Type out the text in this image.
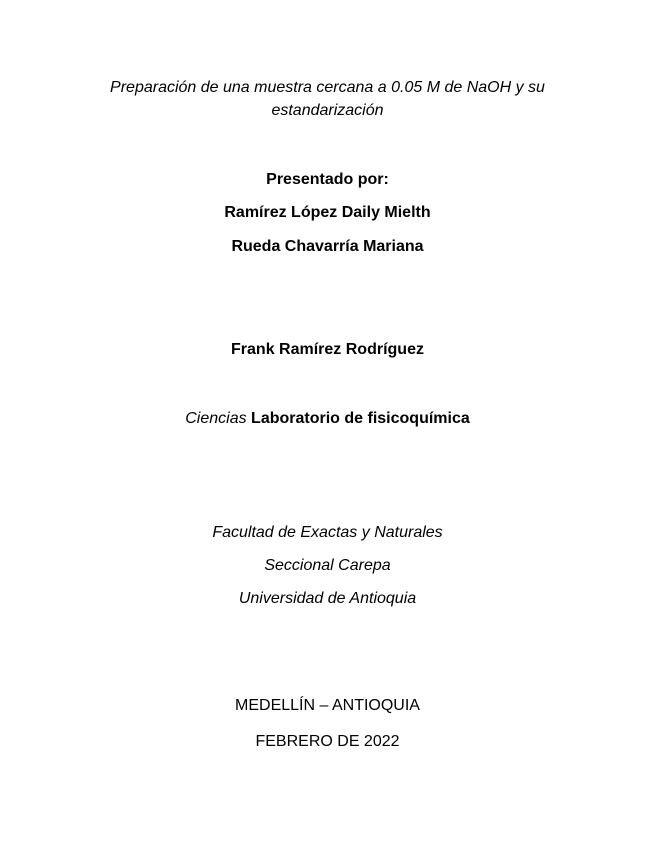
Preparación de una muestra cercana a 0.05 M de NaOH y su estandarización
Presentado por:
Ramírez López Daily Mielth
Rueda Chavarría Mariana
Frank Ramírez Rodríguez
Ciencias Laboratorio de fisicoquímica
Facultad de Exactas y Naturales
Seccional Carepa
Universidad de Antioquia
MEDELLÍN – ANTIOQUIA
FEBRERO DE 2022
